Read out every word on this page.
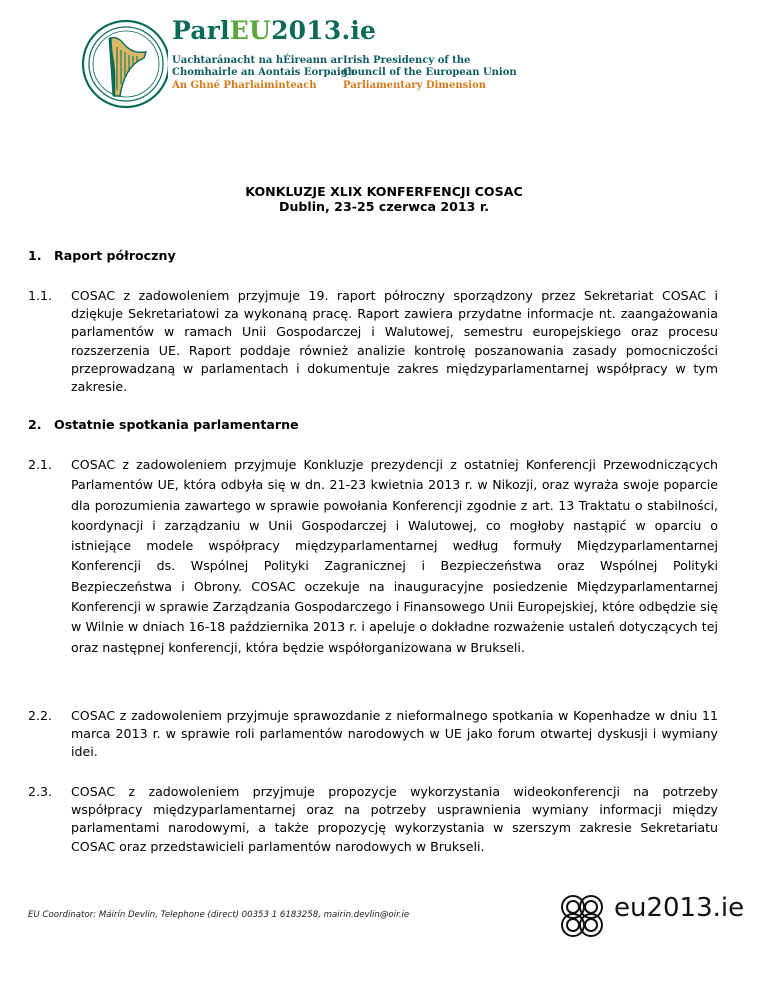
ParlEU2013.ie
Uachtaránacht na hÉireann ar
Chomhairle an Aontais Eorpaigh
An Ghné Pharlaiminteach
Irish Presidency of the
Council of the European Union
Parliamentary Dimension
KONKLUZJE XLIX KONFERFENCJI COSAC
Dublin, 23-25 czerwca 2013 r.
1. Raport półroczny
1.1. COSAC z zadowoleniem przyjmuje 19. raport półroczny sporządzony przez Sekretariat COSAC i dziękuje Sekretariatowi za wykonaną pracę. Raport zawiera przydatne informacje nt. zaangażowania parlamentów w ramach Unii Gospodarczej i Walutowej, semestru europejskiego oraz procesu rozszerzenia UE. Raport poddaje również analizie kontrolę poszanowania zasady pomocniczości przeprowadzaną w parlamentach i dokumentuje zakres międzyparlamentarnej współpracy w tym zakresie.
2. Ostatnie spotkania parlamentarne
2.1. COSAC z zadowoleniem przyjmuje Konkluzje prezydencji z ostatniej Konferencji Przewodniczących Parlamentów UE, która odbyła się w dn. 21-23 kwietnia 2013 r. w Nikozji, oraz wyraża swoje poparcie dla porozumienia zawartego w sprawie powołania Konferencji zgodnie z art. 13 Traktatu o stabilności, koordynacji i zarządzaniu w Unii Gospodarczej i Walutowej, co mogłoby nastąpić w oparciu o istniejące modele współpracy międzyparlamentarnej według formuły Międzyparlamentarnej Konferencji ds. Wspólnej Polityki Zagranicznej i Bezpieczeństwa oraz Wspólnej Polityki Bezpieczeństwa i Obrony. COSAC oczekuje na inauguracyjne posiedzenie Międzyparlamentarnej Konferencji w sprawie Zarządzania Gospodarczego i Finansowego Unii Europejskiej, które odbędzie się w Wilnie w dniach 16-18 października 2013 r. i apeluje o dokładne rozważenie ustaleń dotyczących tej oraz następnej konferencji, która będzie współorganizowana w Brukseli.
2.2. COSAC z zadowoleniem przyjmuje sprawozdanie z nieformalnego spotkania w Kopenhadze w dniu 11 marca 2013 r. w sprawie roli parlamentów narodowych w UE jako forum otwartej dyskusji i wymiany idei.
2.3. COSAC z zadowoleniem przyjmuje propozycje wykorzystania wideokonferencji na potrzeby współpracy międzyparlamentarnej oraz na potrzeby usprawnienia wymiany informacji między parlamentami narodowymi, a także propozycję wykorzystania w szerszym zakresie Sekretariatu COSAC oraz przedstawicieli parlamentów narodowych w Brukseli.
EU Coordinator: Máirín Devlin, Telephone (direct) 00353 1 6183258, mairin.devlin@oir.ie	eu2013.ie
